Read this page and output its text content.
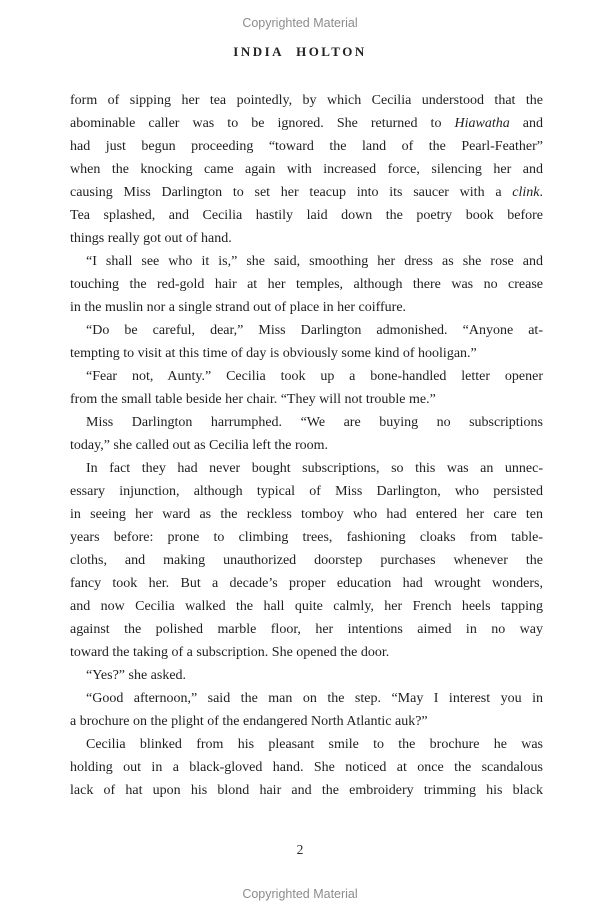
Copyrighted Material
INDIA HOLTON
form of sipping her tea pointedly, by which Cecilia understood that the
abominable caller was to be ignored. She returned to Hiawatha and
had just begun proceeding “toward the land of the Pearl-Feather”
when the knocking came again with increased force, silencing her and
causing Miss Darlington to set her teacup into its saucer with a clink.
Tea splashed, and Cecilia hastily laid down the poetry book before
things really got out of hand.
“I shall see who it is,” she said, smoothing her dress as she rose and
touching the red-gold hair at her temples, although there was no crease
in the muslin nor a single strand out of place in her coiffure.
“Do be careful, dear,” Miss Darlington admonished. “Anyone at-
tempting to visit at this time of day is obviously some kind of hooligan.”
“Fear not, Aunty.” Cecilia took up a bone-handled letter opener
from the small table beside her chair. “They will not trouble me.”
Miss Darlington harrumphed. “We are buying no subscriptions
today,” she called out as Cecilia left the room.
In fact they had never bought subscriptions, so this was an unnec-
essary injunction, although typical of Miss Darlington, who persisted
in seeing her ward as the reckless tomboy who had entered her care ten
years before: prone to climbing trees, fashioning cloaks from table-
cloths, and making unauthorized doorstep purchases whenever the
fancy took her. But a decade’s proper education had wrought wonders,
and now Cecilia walked the hall quite calmly, her French heels tapping
against the polished marble floor, her intentions aimed in no way
toward the taking of a subscription. She opened the door.
“Yes?” she asked.
“Good afternoon,” said the man on the step. “May I interest you in
a brochure on the plight of the endangered North Atlantic auk?”
Cecilia blinked from his pleasant smile to the brochure he was
holding out in a black-gloved hand. She noticed at once the scandalous
lack of hat upon his blond hair and the embroidery trimming his black
2
Copyrighted Material
